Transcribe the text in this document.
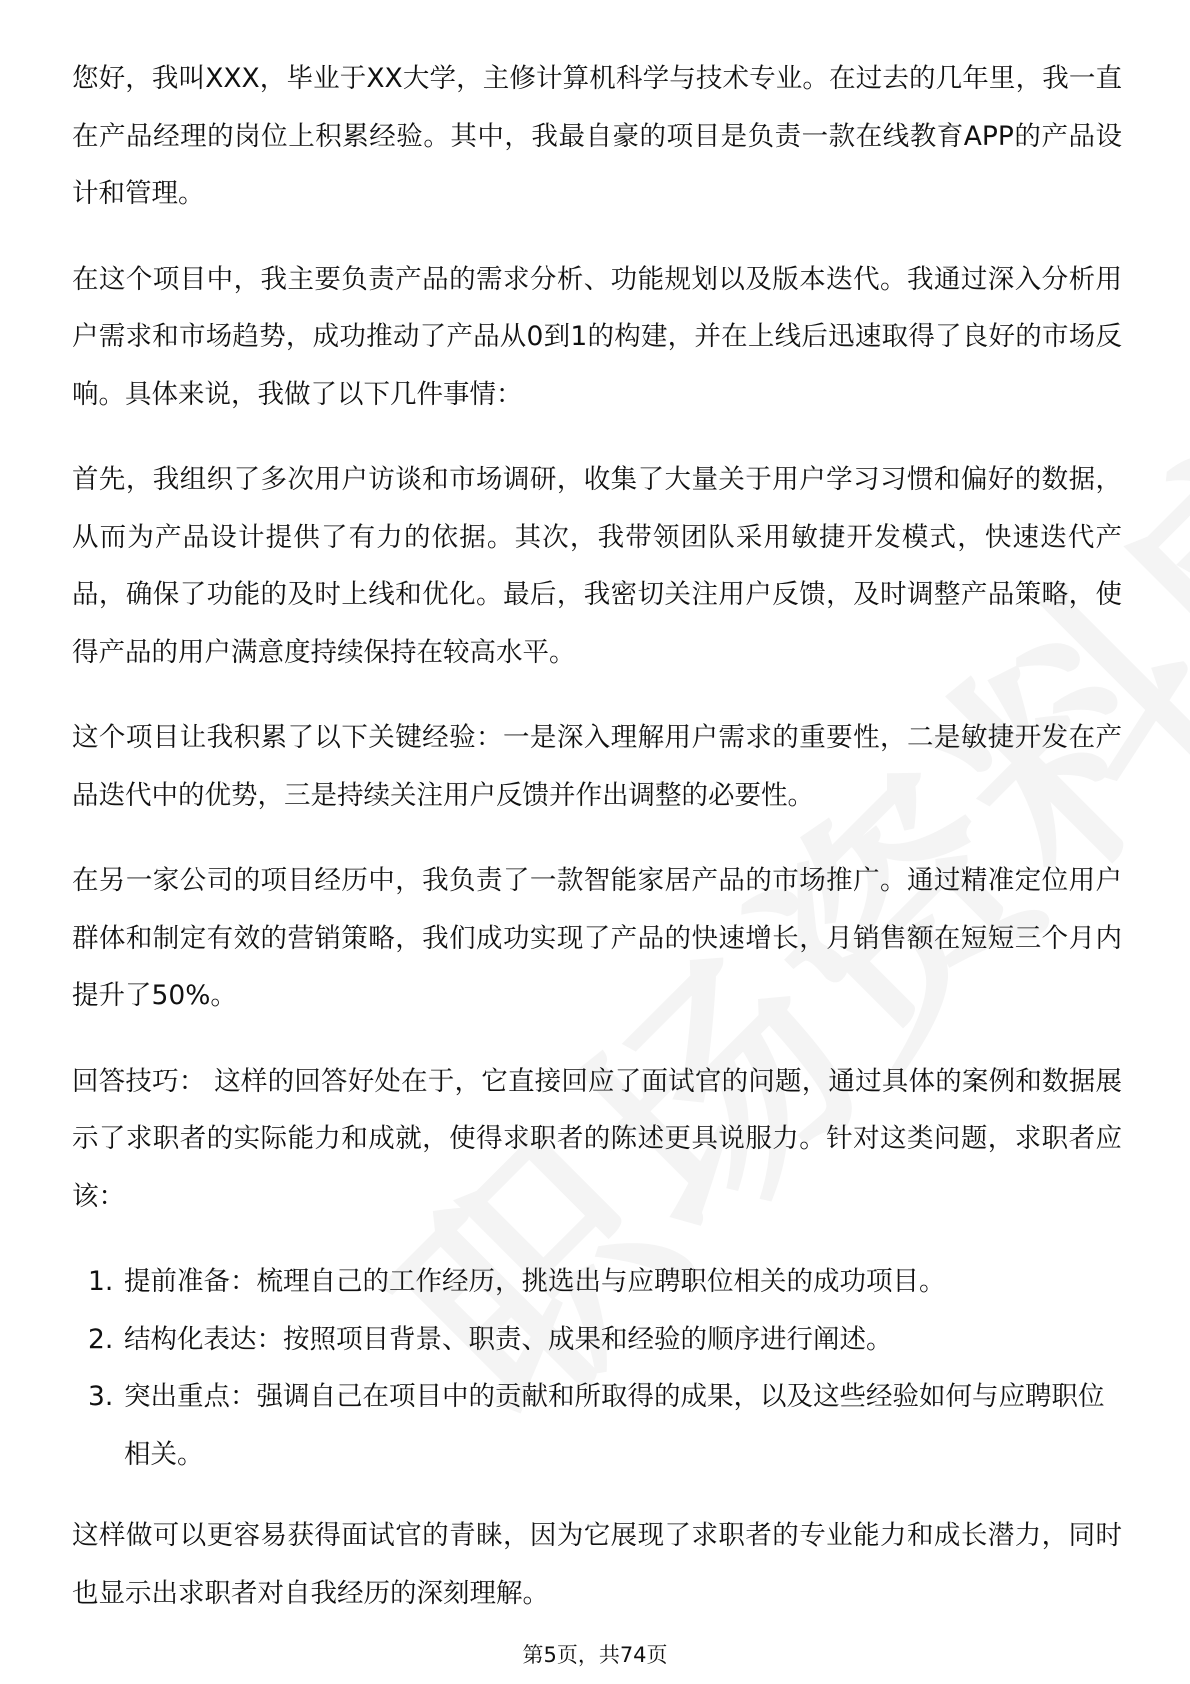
您好，我叫XXX，毕业于XX大学，主修计算机科学与技术专业。在过去的几年里，我一直在产品经理的岗位上积累经验。其中，我最自豪的项目是负责一款在线教育APP的产品设计和管理。

在这个项目中，我主要负责产品的需求分析、功能规划以及版本迭代。我通过深入分析用户需求和市场趋势，成功推动了产品从0到1的构建，并在上线后迅速取得了良好的市场反响。具体来说，我做了以下几件事情：

首先，我组织了多次用户访谈和市场调研，收集了大量关于用户学习习惯和偏好的数据，从而为产品设计提供了有力的依据。其次，我带领团队采用敏捷开发模式，快速迭代产品，确保了功能的及时上线和优化。最后，我密切关注用户反馈，及时调整产品策略，使得产品的用户满意度持续保持在较高水平。

这个项目让我积累了以下关键经验：一是深入理解用户需求的重要性，二是敏捷开发在产品迭代中的优势，三是持续关注用户反馈并作出调整的必要性。

在另一家公司的项目经历中，我负责了一款智能家居产品的市场推广。通过精准定位用户群体和制定有效的营销策略，我们成功实现了产品的快速增长，月销售额在短短三个月内提升了50%。

回答技巧： 这样的回答好处在于，它直接回应了面试官的问题，通过具体的案例和数据展示了求职者的实际能力和成就，使得求职者的陈述更具说服力。针对这类问题，求职者应该：

1. 提前准备：梳理自己的工作经历，挑选出与应聘职位相关的成功项目。
2. 结构化表达：按照项目背景、职责、成果和经验的顺序进行阐述。
3. 突出重点：强调自己在项目中的贡献和所取得的成果，以及这些经验如何与应聘职位相关。

这样做可以更容易获得面试官的青睐，因为它展现了求职者的专业能力和成长潜力，同时也显示出求职者对自我经历的深刻理解。

第5页，共74页
